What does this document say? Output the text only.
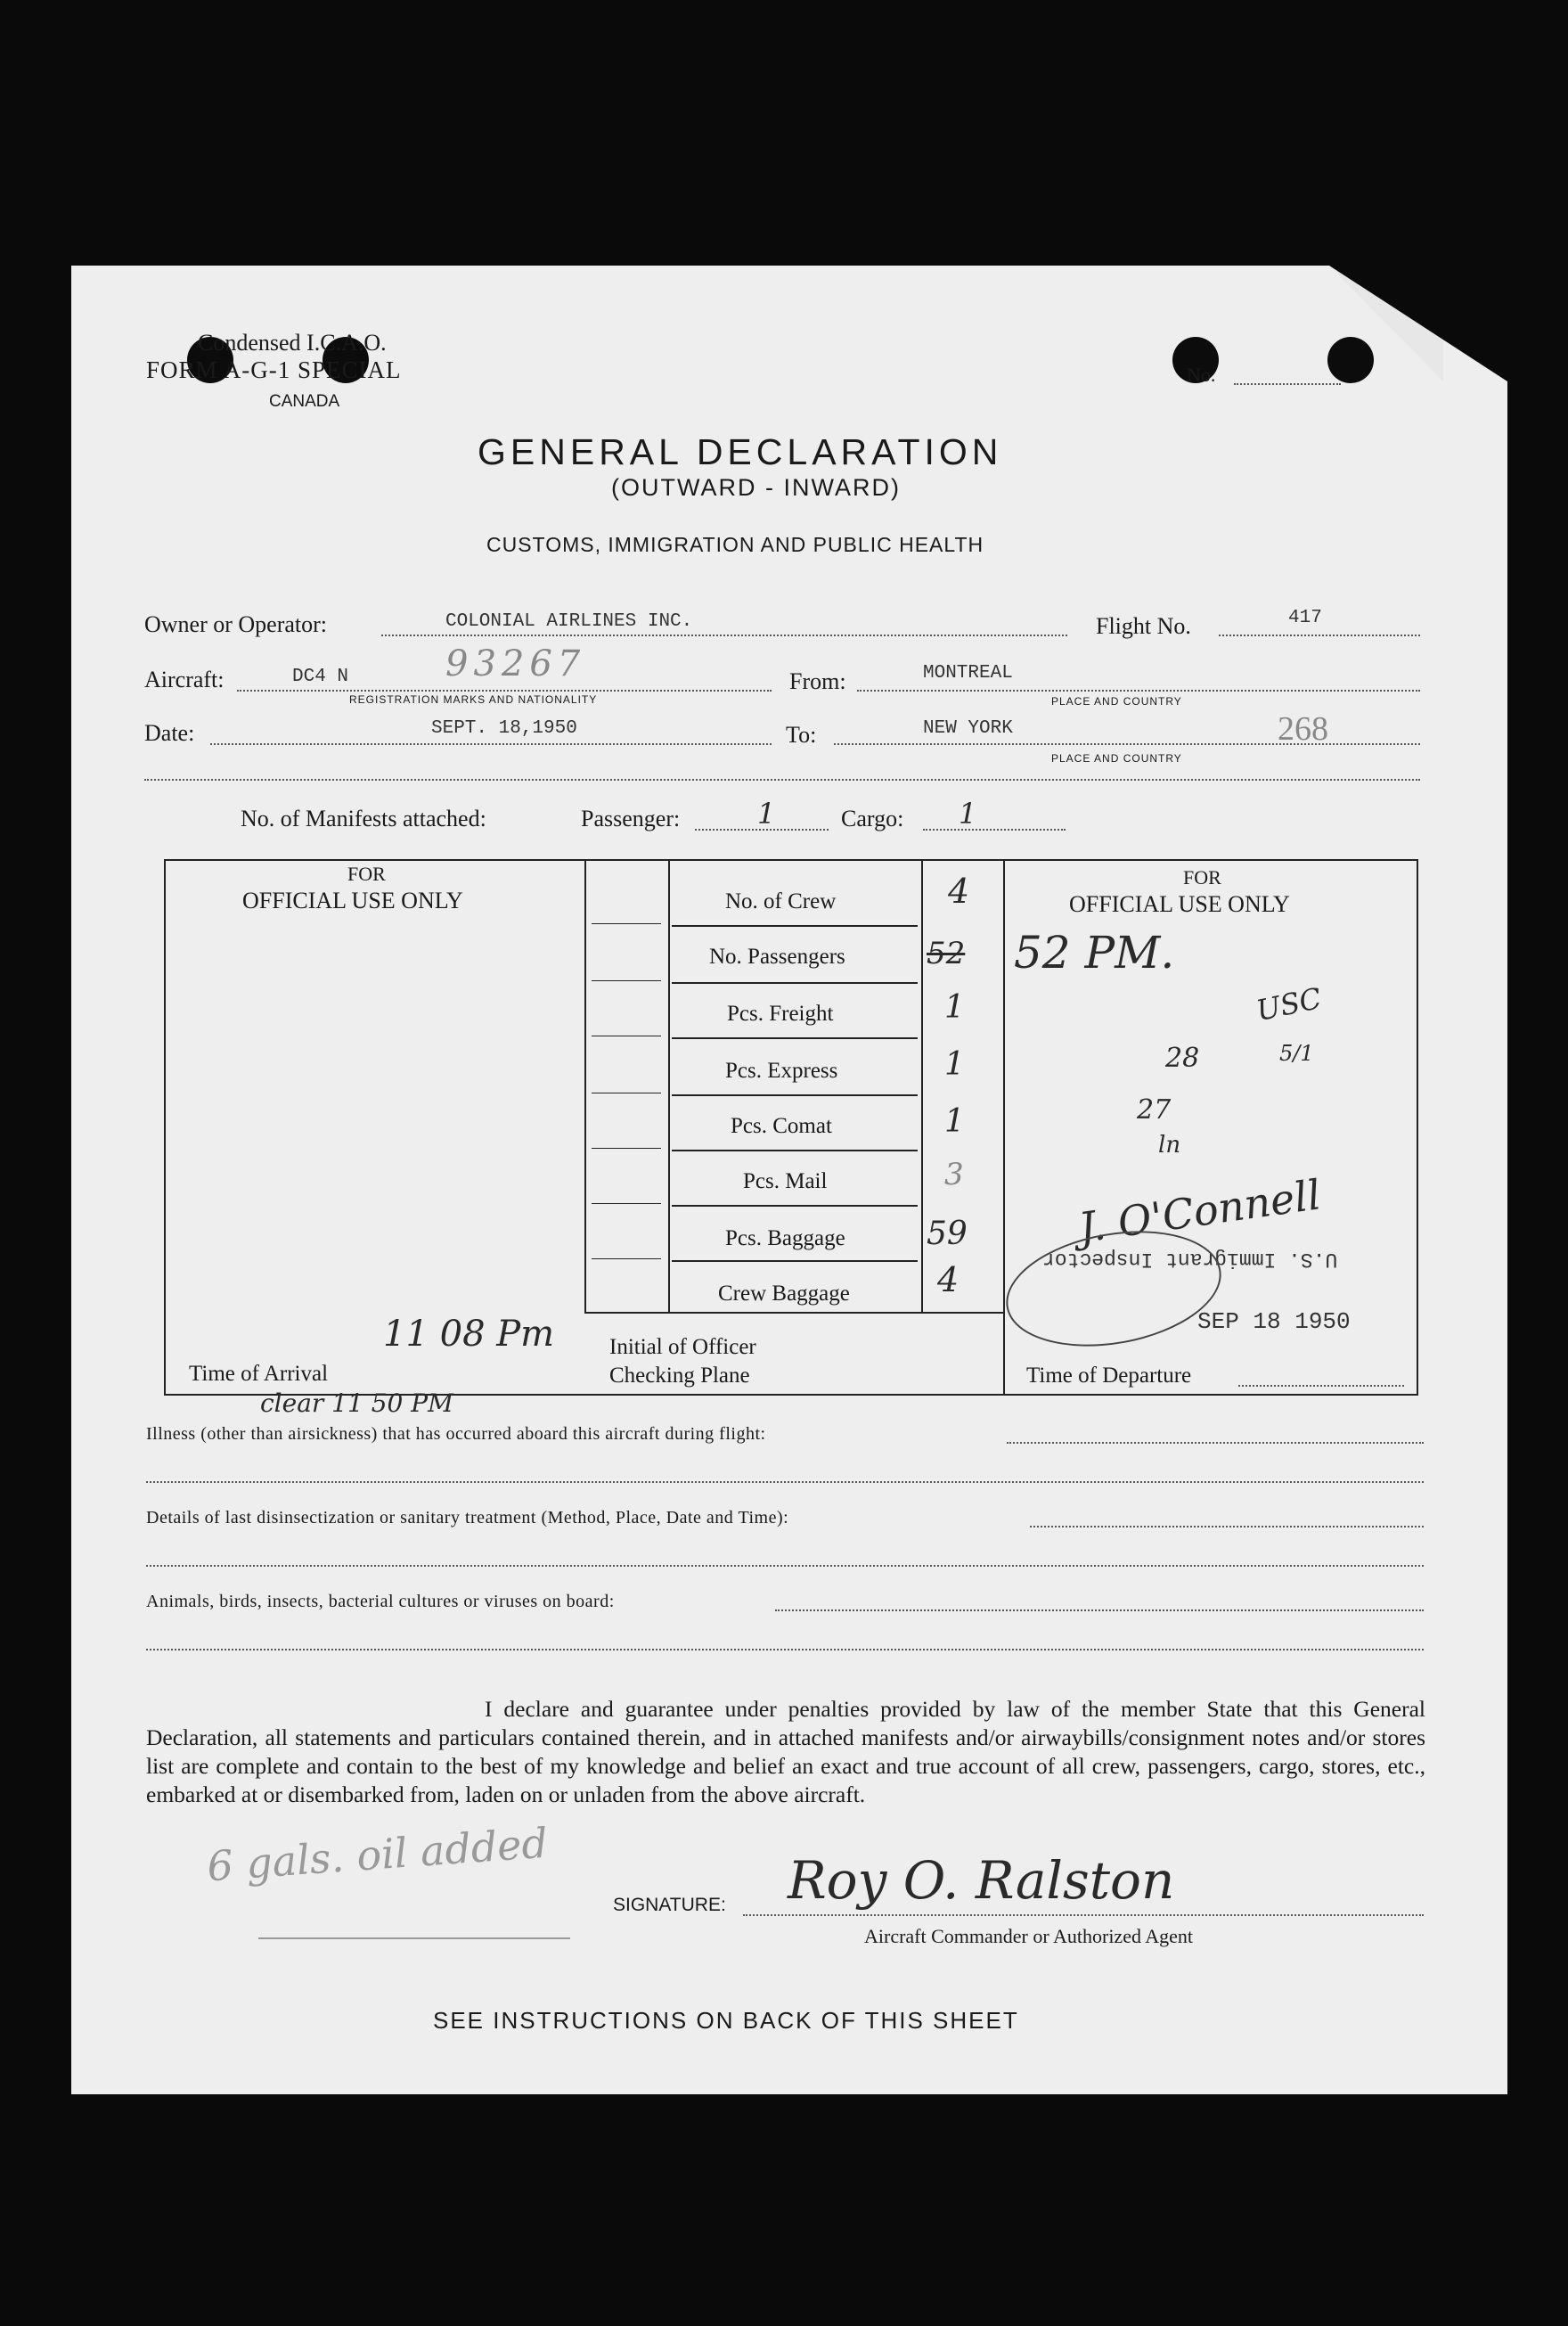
Condensed I.C.A.O.
FORM A-G-1 SPECIAL
CANADA
No.
GENERAL DECLARATION
(OUTWARD - INWARD)
CUSTOMS, IMMIGRATION AND PUBLIC HEALTH
Owner or Operator:	COLONIAL AIRLINES INC.	Flight No.	417
Aircraft:	DC4 N	93267
REGISTRATION MARKS AND NATIONALITY
From:	MONTREAL
PLACE AND COUNTRY
Date:	SEPT. 18,1950	To:	NEW YORK	268
PLACE AND COUNTRY
No. of Manifests attached:	Passenger:	1	Cargo: 1
FOR
OFFICIAL USE ONLY
FOR
OFFICIAL USE ONLY
No. of Crew	4
No. Passengers	52
Pcs. Freight	1
Pcs. Express	1
Pcs. Comat	1
Pcs. Mail	3
Pcs. Baggage	59
Crew Baggage	4
52 PM.
USC
28	5/1
27
ln
J. O'Connell
U.S. Immigrant Inspector
SEP 18 1950
Time of Arrival
11 08 Pm Initial of Officer
Checking Plane	Time of Departure
clear 11 50 PM
Illness (other than airsickness) that has occurred aboard this aircraft during flight:
Details of last disinsectization or sanitary treatment (Method, Place, Date and Time):
Animals, birds, insects, bacterial cultures or viruses on board:
I declare and guarantee under penalties provided by law of the member State that this General Declaration, all statements and particulars contained therein, and in attached manifests and/or airwaybills/consignment notes and/or stores list are complete and contain to the best of my knowledge and belief an exact and true account of all crew, passengers, cargo, stores, etc., embarked at or disembarked from, laden on or unladen from the above aircraft.
6 gals. oil added
SIGNATURE: Roy O. Ralston
Aircraft Commander or Authorized Agent
SEE INSTRUCTIONS ON BACK OF THIS SHEET
